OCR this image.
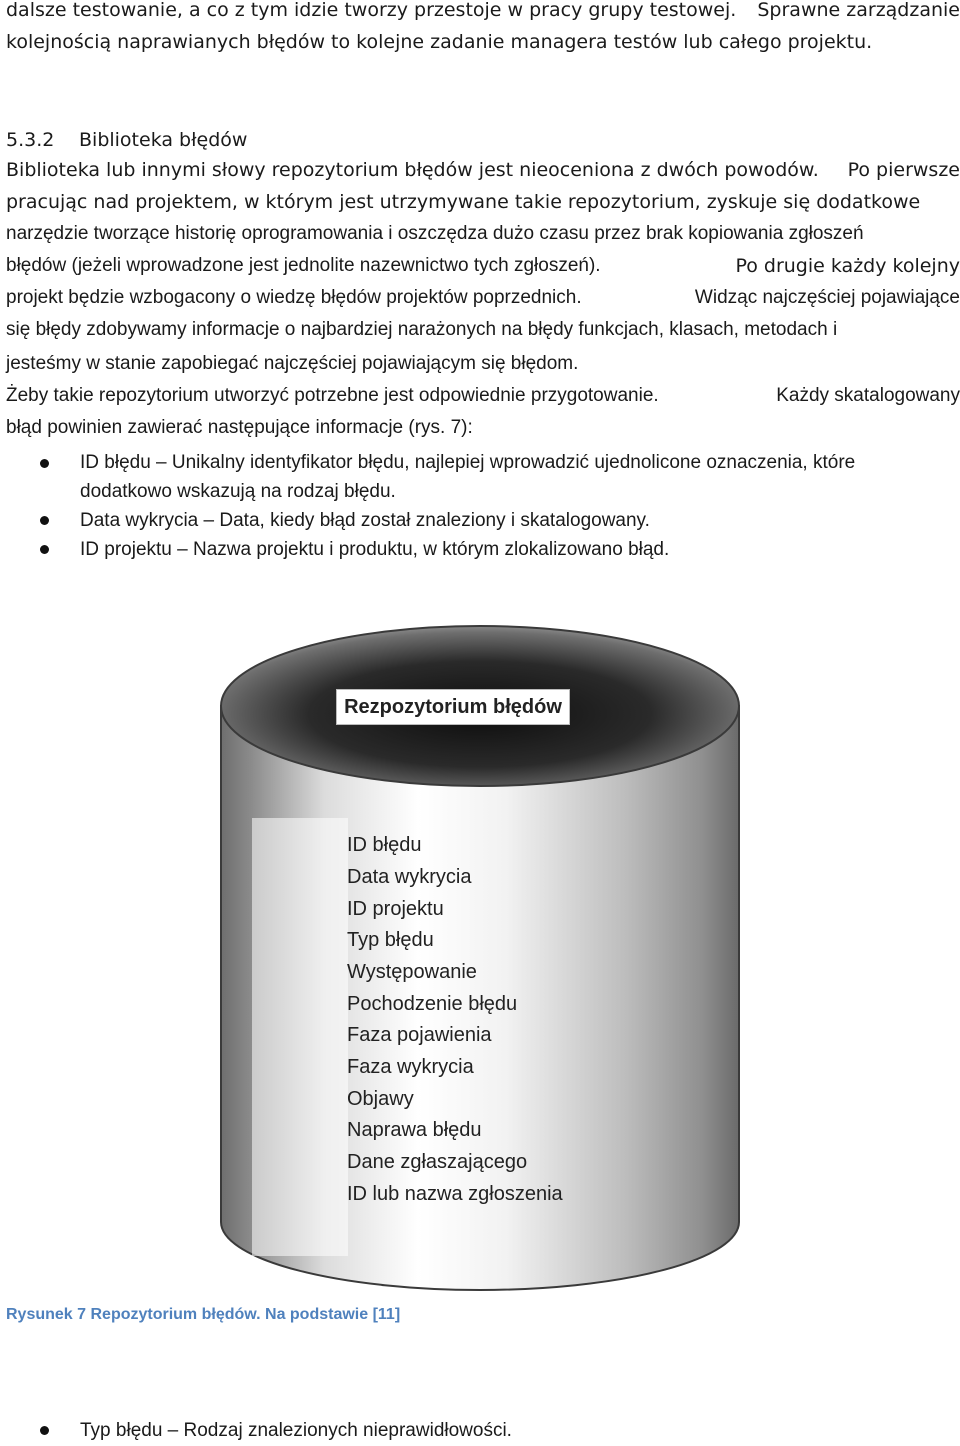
dalsze testowanie, a co z tym idzie tworzy przestoje w pracy grupy testowej. Sprawne zarządzanie
kolejnością naprawianych błędów to kolejne zadanie managera testów lub całego projektu.
5.3.2 Biblioteka błędów
Biblioteka lub innymi słowy repozytorium błędów jest nieoceniona z dwóch powodów. Po pierwsze
pracując nad projektem, w którym jest utrzymywane takie repozytorium, zyskuje się dodatkowe
narzędzie tworzące historię oprogramowania i oszczędza dużo czasu przez brak kopiowania zgłoszeń
błędów (jeżeli wprowadzone jest jednolite nazewnictwo tych zgłoszeń).	Po drugie każdy kolejny
projekt będzie wzbogacony o wiedzę błędów projektów poprzednich.	Widząc najczęściej pojawiające
się błędy zdobywamy informacje o najbardziej narażonych na błędy funkcjach, klasach, metodach i
jesteśmy w stanie zapobiegać najczęściej pojawiającym się błędom.
Żeby takie repozytorium utworzyć potrzebne jest odpowiednie przygotowanie.	Każdy skatalogowany
błąd powinien zawierać następujące informacje (rys. 7):
ID błędu – Unikalny identyfikator błędu, najlepiej wprowadzić ujednolicone oznaczenia, które
dodatkowo wskazują na rodzaj błędu.
Data wykrycia – Data, kiedy błąd został znaleziony i skatalogowany.
ID projektu – Nazwa projektu i produktu, w którym zlokalizowano błąd.
Rezpozytorium błędów
ID błędu
Data wykrycia
ID projektu
Typ błędu
Występowanie
Pochodzenie błędu
Faza pojawienia
Faza wykrycia
Objawy
Naprawa błędu
Dane zgłaszającego
ID lub nazwa zgłoszenia
Rysunek 7 Repozytorium błędów. Na podstawie [11]
Typ błędu – Rodzaj znalezionych nieprawidłowości.
